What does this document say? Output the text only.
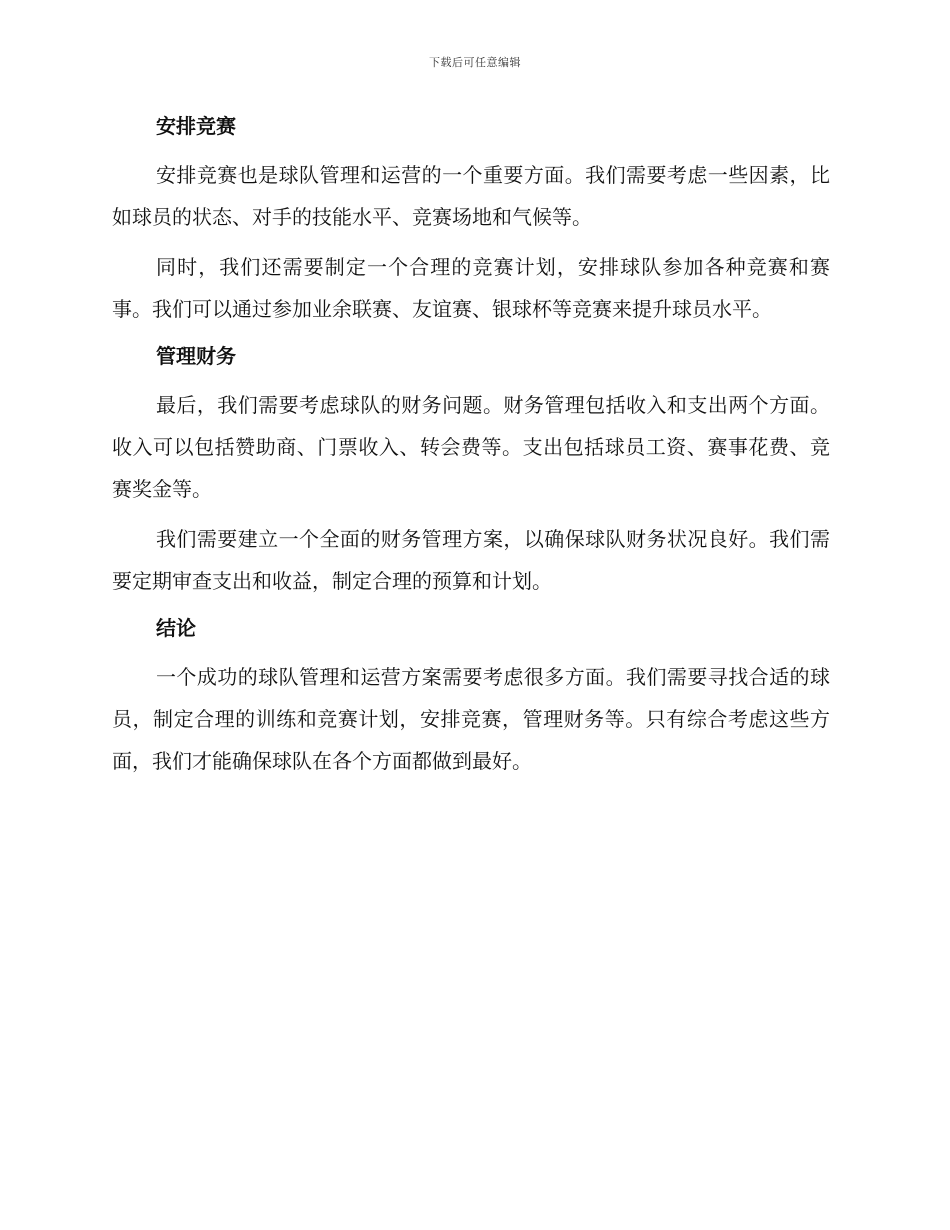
下载后可任意编辑
安排竞赛

安排竞赛也是球队管理和运营的一个重要方面。我们需要考虑一些因素，比如球员的状态、对手的技能水平、竞赛场地和气候等。

同时，我们还需要制定一个合理的竞赛计划，安排球队参加各种竞赛和赛事。我们可以通过参加业余联赛、友谊赛、银球杯等竞赛来提升球员水平。

管理财务

最后，我们需要考虑球队的财务问题。财务管理包括收入和支出两个方面。收入可以包括赞助商、门票收入、转会费等。支出包括球员工资、赛事花费、竞赛奖金等。

我们需要建立一个全面的财务管理方案，以确保球队财务状况良好。我们需要定期审查支出和收益，制定合理的预算和计划。

结论

一个成功的球队管理和运营方案需要考虑很多方面。我们需要寻找合适的球员，制定合理的训练和竞赛计划，安排竞赛，管理财务等。只有综合考虑这些方面，我们才能确保球队在各个方面都做到最好。
